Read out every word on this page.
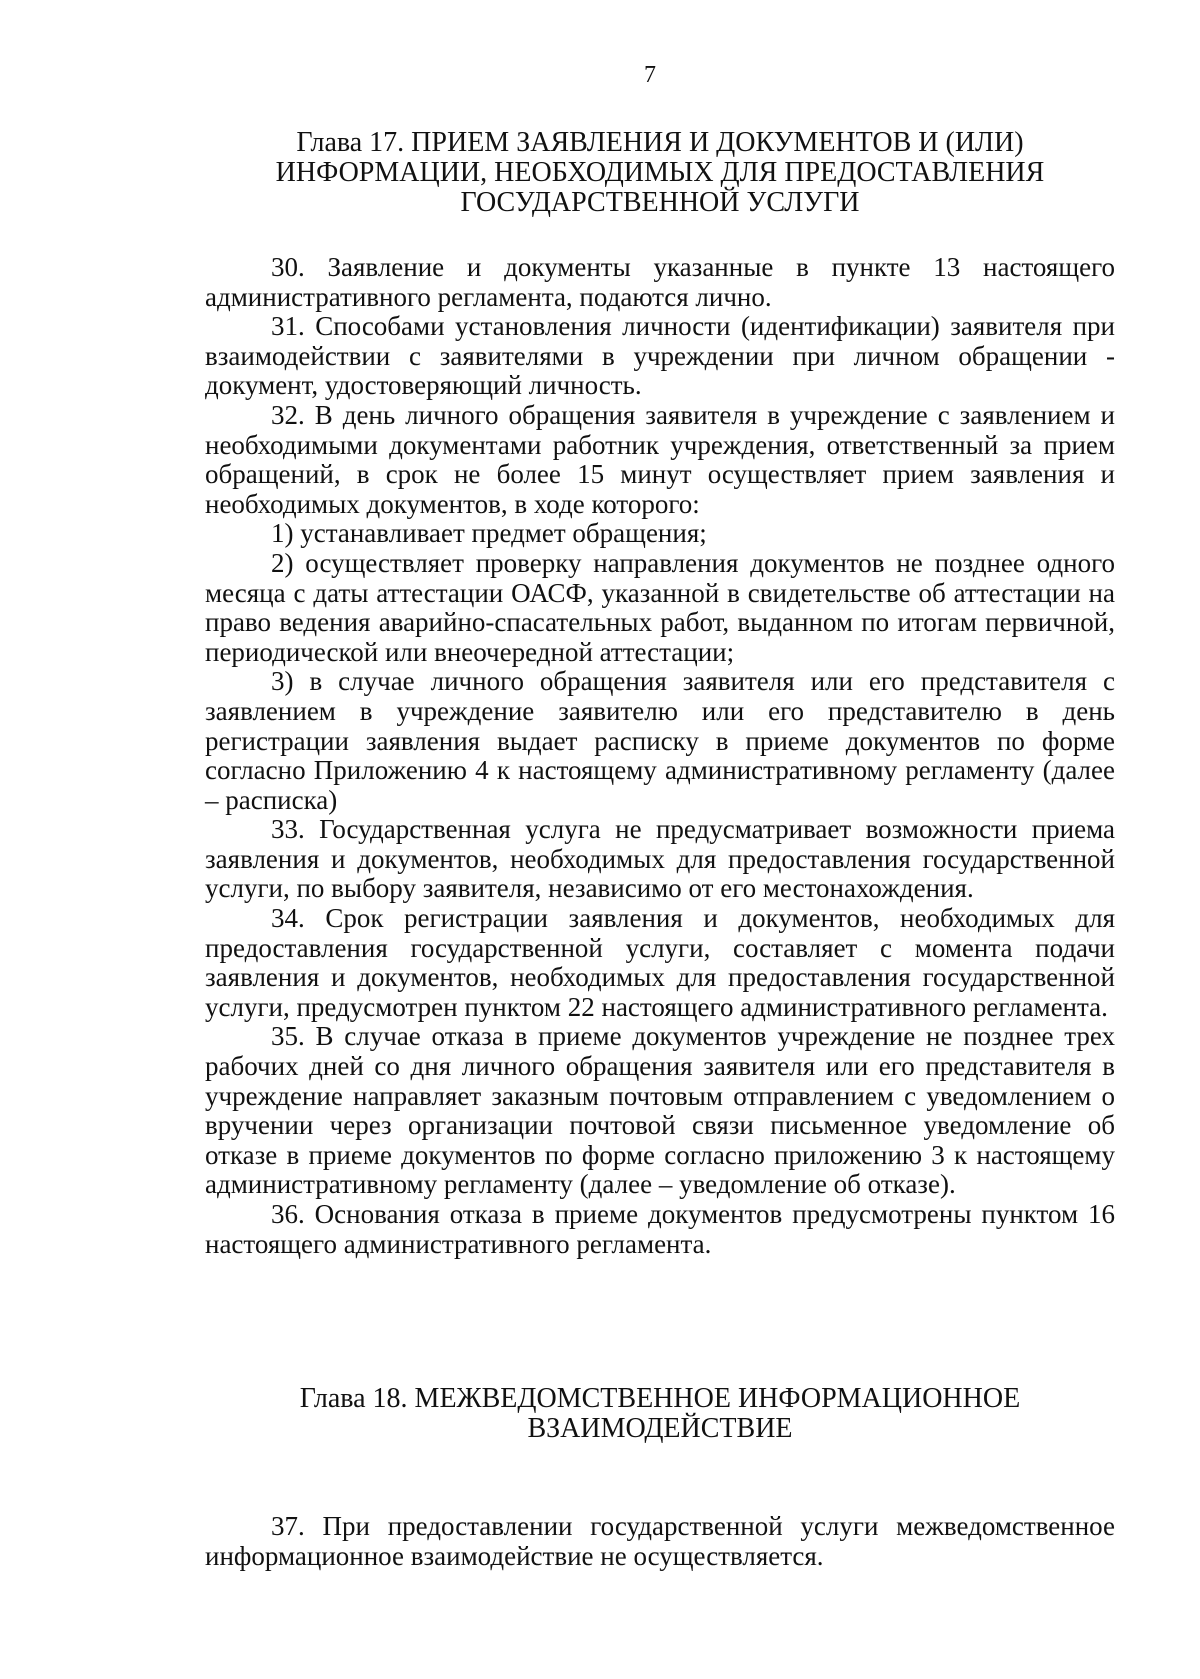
7
Глава 17. ПРИЕМ ЗАЯВЛЕНИЯ И ДОКУМЕНТОВ И (ИЛИ)
ИНФОРМАЦИИ, НЕОБХОДИМЫХ ДЛЯ ПРЕДОСТАВЛЕНИЯ
ГОСУДАРСТВЕННОЙ УСЛУГИ

30. Заявление и документы указанные в пункте 13 настоящего административного регламента, подаются лично.

31. Способами установления личности (идентификации) заявителя при взаимодействии с заявителями в учреждении при личном обращении - документ, удостоверяющий личность.

32. В день личного обращения заявителя в учреждение с заявлением и необходимыми документами работник учреждения, ответственный за прием обращений, в срок не более 15 минут осуществляет прием заявления и необходимых документов, в ходе которого:

1) устанавливает предмет обращения;

2) осуществляет проверку направления документов не позднее одного месяца с даты аттестации ОАСФ, указанной в свидетельстве об аттестации на право ведения аварийно-спасательных работ, выданном по итогам первичной, периодической или внеочередной аттестации;

3) в случае личного обращения заявителя или его представителя с заявлением в учреждение заявителю или его представителю в день регистрации заявления выдает расписку в приеме документов по форме согласно Приложению 4 к настоящему административному регламенту (далее – расписка)

33. Государственная услуга не предусматривает возможности приема заявления и документов, необходимых для предоставления государственной услуги, по выбору заявителя, независимо от его местонахождения.

34. Срок регистрации заявления и документов, необходимых для предоставления государственной услуги, составляет с момента подачи заявления и документов, необходимых для предоставления государственной услуги, предусмотрен пунктом 22 настоящего административного регламента.

35. В случае отказа в приеме документов учреждение не позднее трех рабочих дней со дня личного обращения заявителя или его представителя в учреждение направляет заказным почтовым отправлением с уведомлением о вручении через организации почтовой связи письменное уведомление об отказе в приеме документов по форме согласно приложению 3 к настоящему административному регламенту (далее – уведомление об отказе).

36. Основания отказа в приеме документов предусмотрены пунктом 16 настоящего административного регламента.

Глава 18. МЕЖВЕДОМСТВЕННОЕ ИНФОРМАЦИОННОЕ
ВЗАИМОДЕЙСТВИЕ

37. При предоставлении государственной услуги межведомственное информационное взаимодействие не осуществляется.
